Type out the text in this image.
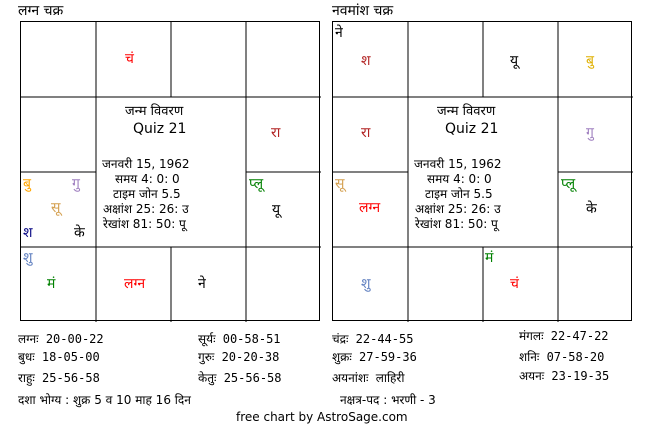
लग्न चक्र	नवमांश चक्र
चं
रा
बु	गु
सू
श	के
प्लू
यू
शु
मं	लग्न	ने
जन्म विवरण
Quiz 21
जनवरी 15, 1962
समय 4: 0: 0
टाइम जोन 5.5
अक्षांश 25: 26: उ
रेखांश 81: 50: पू
ने
श	यू	बु
रा	गु
सू
लग्न
प्लू
के
मं
शु	चं
जन्म विवरण
Quiz 21
जनवरी 15, 1962
समय 4: 0: 0
टाइम जोन 5.5
अक्षांश 25: 26: उ
रेखांश 81: 50: पू
लग्नः 20-00-22	सूर्यः 00-58-51	चंद्रः 22-44-55	मंगलः 22-47-22
बुधः 18-05-00	गुरुः 20-20-38	शुक्रः 27-59-36	शनिः 07-58-20
राहुः 25-56-58	केतुः 25-56-58	अयनांशः लाहिरी	अयनः 23-19-35
दशा भोग्य : शुक्र 5 व 10 माह 16 दिन	नक्षत्र-पद : भरणी - 3
free chart by AstroSage.com
